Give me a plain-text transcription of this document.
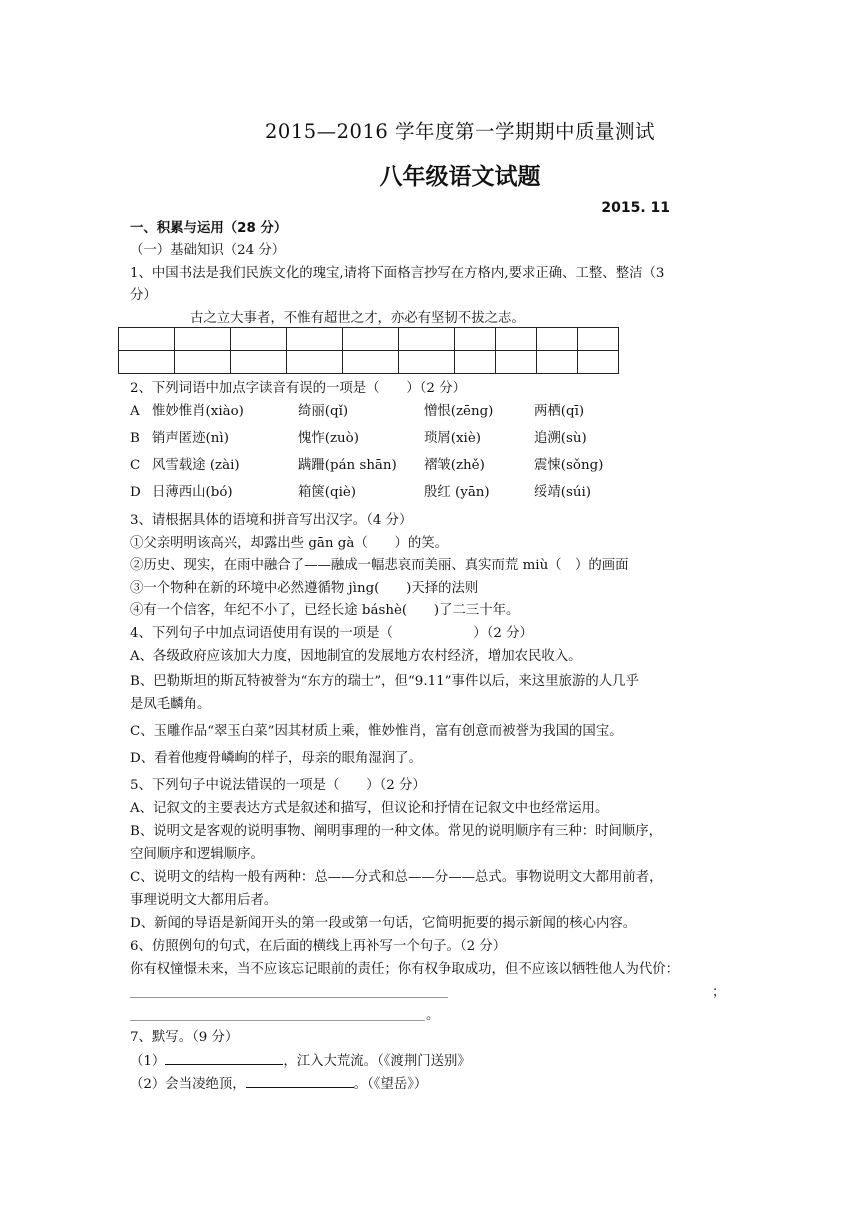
2015—2016 学年度第一学期期中质量测试
八年级语文试题
2015. 11
一、积累与运用（28 分）
（一）基础知识（24 分）
1、中国书法是我们民族文化的瑰宝,请将下面格言抄写在方格内,要求正确、工整、整洁（3
分）
古之立大事者，不惟有超世之才，亦必有坚韧不拔之志。

2、下列词语中加点字读音有误的一项是（　　）（2 分）
A 惟妙惟肖(xiào)	绮丽(qǐ)	憎恨(zēng)	两栖(qī)
B 销声匿迹(nì)	愧怍(zuò)	琐屑(xiè)	追溯(sù)
C 风雪载途 (zài)	蹒跚(pán shān) 褶皱(zhě)	震悚(sǒng)
D 日薄西山(bó)	箱箧(qiè)	殷红 (yān)	绥靖(súi)
3、请根据具体的语境和拼音写出汉字。（4 分）
①父亲明明该高兴，却露出些 gān gà（　　）的笑。
②历史、现实，在雨中融合了——融成一幅悲哀而美丽、真实而荒 miù（　）的画面
③一个物种在新的环境中必然遵循物 jìng(　　)天择的法则
④有一个信客，年纪不小了，已经长途 báshè(　　)了二三十年。
4、下列句子中加点词语使用有误的一项是（　　　　　　）（2 分）
A、各级政府应该加大力度，因地制宜的发展地方农村经济，增加农民收入。
B、巴勒斯坦的斯瓦特被誉为“东方的瑞士”，但“9.11”事件以后，来这里旅游的人几乎
是凤毛麟角。
C、玉雕作品“翠玉白菜”因其材质上乘，惟妙惟肖，富有创意而被誉为我国的国宝。
D、看着他瘦骨嶙峋的样子，母亲的眼角湿润了。
5、下列句子中说法错误的一项是（　　）（2 分）
A、记叙文的主要表达方式是叙述和描写，但议论和抒情在记叙文中也经常运用。
B、说明文是客观的说明事物、阐明事理的一种文体。常见的说明顺序有三种：时间顺序，
空间顺序和逻辑顺序。
C、说明文的结构一般有两种：总——分式和总——分——总式。事物说明文大都用前者，
事理说明文大都用后者。
D、新闻的导语是新闻开头的第一段或第一句话，它简明扼要的揭示新闻的核心内容。
6、仿照例句的句式，在后面的横线上再补写一个句子。（2 分）
你有权憧憬未来，当不应该忘记眼前的责任；你有权争取成功，但不应该以牺牲他人为代价：
；
。
7、默写。（9 分）
（1）	，江入大荒流。（《渡荆门送别》
（2）会当凌绝顶，	。（《望岳》）
